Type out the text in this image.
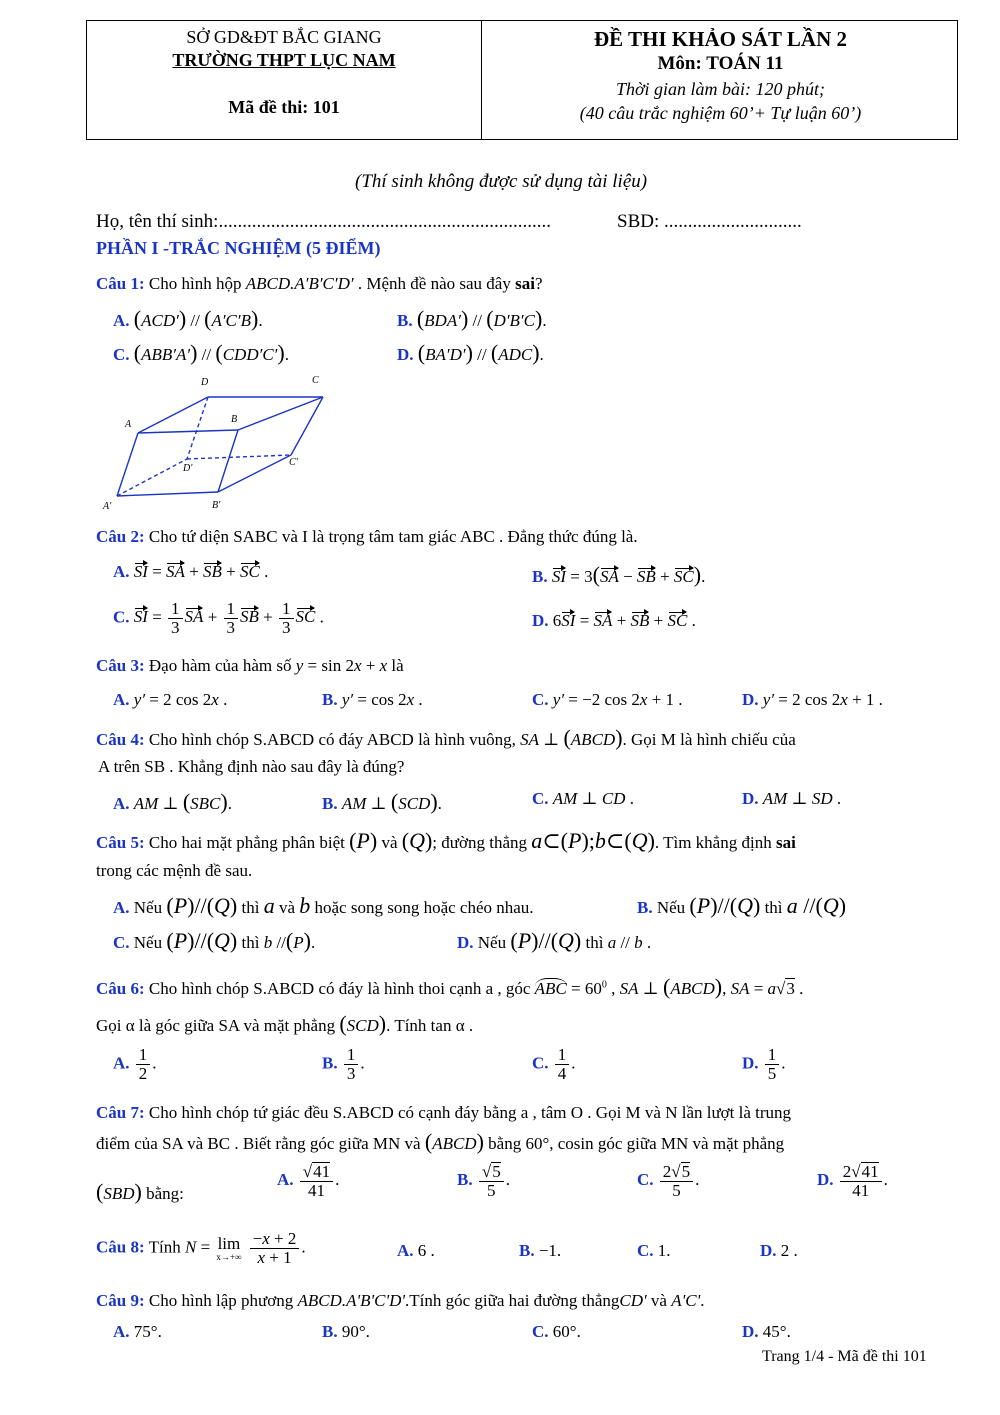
SỞ GD&ĐT BẮC GIANG
TRƯỜNG THPT LỤC NAM
Mã đề thi: 101
ĐỀ THI KHẢO SÁT LẦN 2
Môn: TOÁN 11
Thời gian làm bài: 120 phút;
(40 câu trắc nghiệm 60’+ Tự luận 60’)
(Thí sinh không được sử dụng tài liệu)
Họ, tên thí sinh:......................................................................	SBD: .............................
PHẦN I -TRẮC NGHIỆM (5 ĐIỂM)
Câu 1: Cho hình hộp ABCD.A′B′C′D′ . Mệnh đề nào sau đây sai?
A. (ACD′) // (A′C′B).	B. (BDA′) // (D′B′C).
C. (ABB′A′) // (CDD′C′).	D. (BA′D′) // (ADC).
D	C
A	B
D'
C'
A'	B'
Câu 2: Cho tứ diện SABC và I là trọng tâm tam giác ABC . Đẳng thức đúng là.
A. SI = SA + SB + SC .	B. SI = 3(SA − SB + SC).
C. SI = $\frac{1}{3}$ SA + $\frac{1}{3}$ SB + $\frac{1}{3}$ SC .	D. 6SI = SA + SB + SC .
Câu 3: Đạo hàm của hàm số y = sin 2x + x là
A. y′ = 2 cos 2x .	B. y′ = cos 2x .	C. y′ = −2 cos 2x + 1 .	D. y′ = 2 cos 2x + 1 .
Câu 4: Cho hình chóp S.ABCD có đáy ABCD là hình vuông, SA ⊥ (ABCD). Gọi M là hình chiếu của
A trên SB . Khẳng định nào sau đây là đúng?
A. AM ⊥ (SBC).	B. AM ⊥ (SCD).	C. AM ⊥ CD .	D. AM ⊥ SD .
Câu 5: Cho hai mặt phẳng phân biệt (P) và (Q); đường thẳng a⊂(P);b⊂(Q). Tìm khẳng định sai
trong các mệnh đề sau.
A. Nếu (P)//(Q) thì a và b hoặc song song hoặc chéo nhau.	B. Nếu (P)//(Q) thì a //(Q)
C. Nếu (P)//(Q) thì b //(P).	D. Nếu (P)//(Q) thì a // b .
Câu 6: Cho hình chóp S.ABCD có đáy là hình thoi cạnh a , góc ABC = $60^0$ , SA ⊥ (ABCD), SA = a√3 .
Gọi α là góc giữa SA và mặt phẳng (SCD). Tính tan α .
A. $\frac{1}{2}$ .	B. $\frac{1}{3}$ .	C. $\frac{1}{4}$ .	D. $\frac{1}{5}$ .
Câu 7: Cho hình chóp tứ giác đều S.ABCD có cạnh đáy bằng a , tâm O . Gọi M và N lần lượt là trung
điểm của SA và BC . Biết rằng góc giữa MN và (ABCD) bằng 60°, cosin góc giữa MN và mặt phẳng
(SBD) bằng:
A. $\frac{√41}{41}$ .	B. $\frac{√5}{5}$ .	C. $\frac{2√5}{5}$ .	D. $\frac{2√41}{41}$ .
Câu 8: Tính N = lim
x→+∞
$\frac{-x + 2}{x + 1}$ .	A. 6 .	B. −1.	C. 1.	D. 2 .
Câu 9: Cho hình lập phương ABCD.A'B'C'D'.Tính góc giữa hai đường thẳngCD' và A'C'.
A. 75°.	B. 90°.	C. 60°.	D. 45°.
Trang 1/4 - Mã đề thi 101
